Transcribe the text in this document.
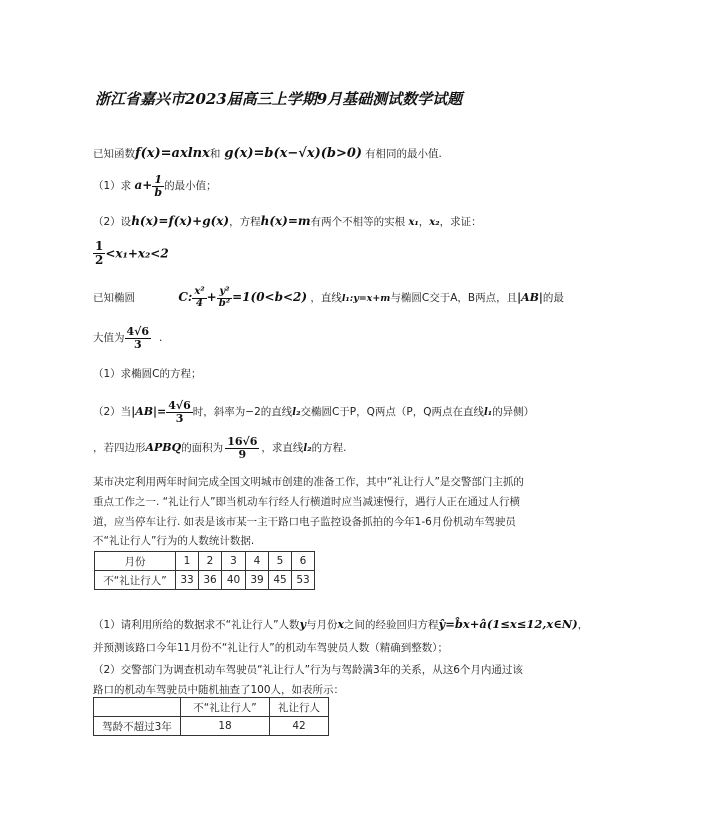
浙江省嘉兴市2023届高三上学期9月基础测试数学试题
已知函数f(x)=axlnx和 g(x)=b(x−√x)(b>0) 有相同的最小值.
（1）求 $a+ \frac{1}{b}$ 的最小值；
（2）设h(x)=f(x)+g(x)，方程h(x)=m有两个不相等的实根 x₁，x₂，求证：
$\frac{1}{2} <x_1+x_2<2$
已知椭圆	C: $\frac{\text{x²}}{4} + \frac{\text{y²}}{\text{b²}} =1(0<b<2)$ ，直线l₁:y=x+m与椭圆C交于A，B两点，且|AB|的最
大值为 $\frac{4√6}{3}$ .
（1）求椭圆C的方程；
（2）当$|AB|= \frac{4√6}{3}$ 时，斜率为−2的直线l₂交椭圆C于P，Q两点（P，Q两点在直线l₁的异侧）
，若四边形APBQ的面积为 $\frac{16√6}{9}$ ，求直线l₂的方程.
某市决定利用两年时间完成全国文明城市创建的准备工作，其中“礼让行人”是交警部门主抓的
重点工作之一. “礼让行人”即当机动车行经人行横道时应当减速慢行，遇行人正在通过人行横
道，应当停车让行. 如表是该市某一主干路口电子监控设备抓拍的今年1-6月份机动车驾驶员
不“礼让行人”行为的人数统计数据.
月份	1	2	3	4	5	6
不“礼让行人”	33	36	40	39	45	53
（1）请利用所给的数据求不“礼让行人”人数y与月份x之间的经验回归方程ŷ=b̂x+â(1≤x≤12,x∈N)，
并预测该路口今年11月份不“礼让行人”的机动车驾驶员人数（精确到整数）；
（2）交警部门为调查机动车驾驶员“礼让行人”行为与驾龄满3年的关系，从这6个月内通过该
路口的机动车驾驶员中随机抽查了100人，如表所示：
	不“礼让行人”	礼让行人
驾龄不超过3年	18	42
